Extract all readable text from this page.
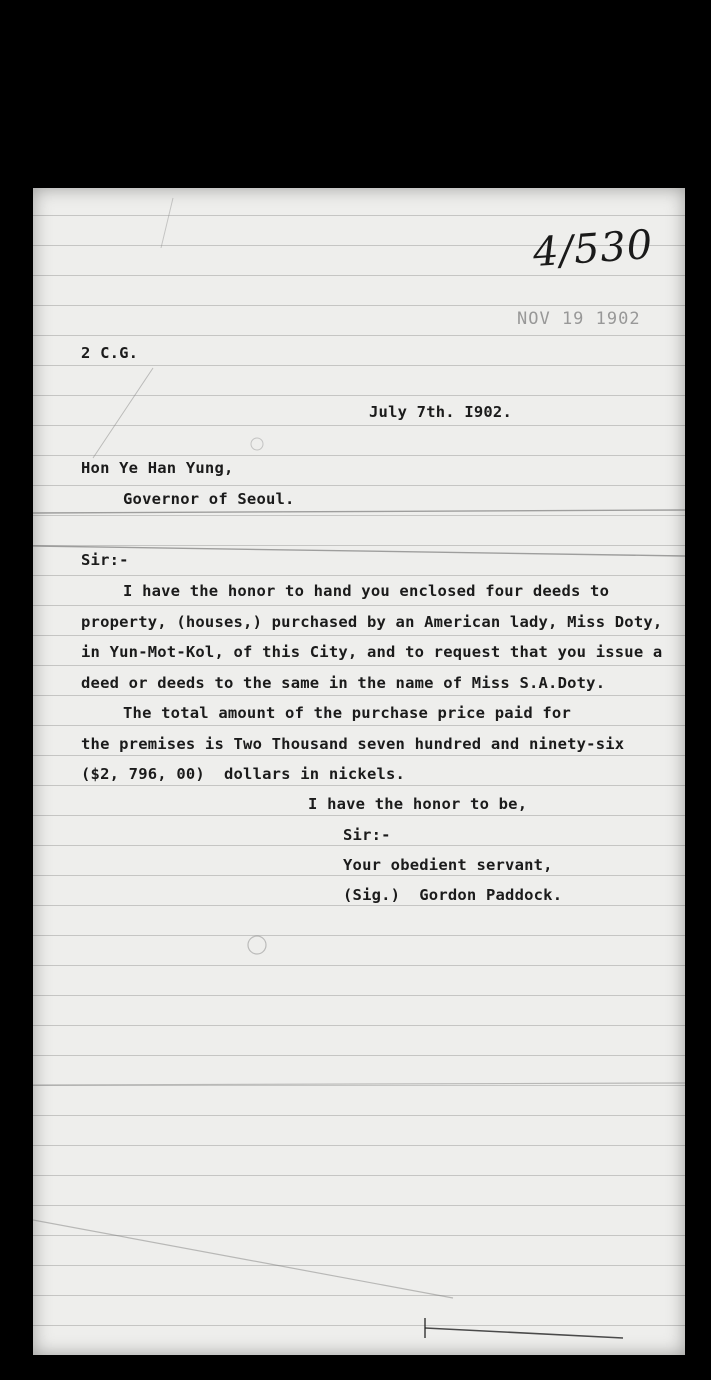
4/530
NOV 19 1902

2 C.G.

July 7th. I902.

Hon Ye Han Yung,

Governor of Seoul.

Sir:-

I have the honor to hand you enclosed four deeds to

property, (houses,) purchased by an American lady, Miss Doty,

in Yun-Mot-Kol, of this City, and to request that you issue a

deed or deeds to the same in the name of Miss S.A.Doty.

The total amount of the purchase price paid for

the premises is Two Thousand seven hundred and ninety-six

($2, 796, 00)  dollars in nickels.

I have the honor to be,

Sir:-

Your obedient servant,

(Sig.)  Gordon Paddock.
